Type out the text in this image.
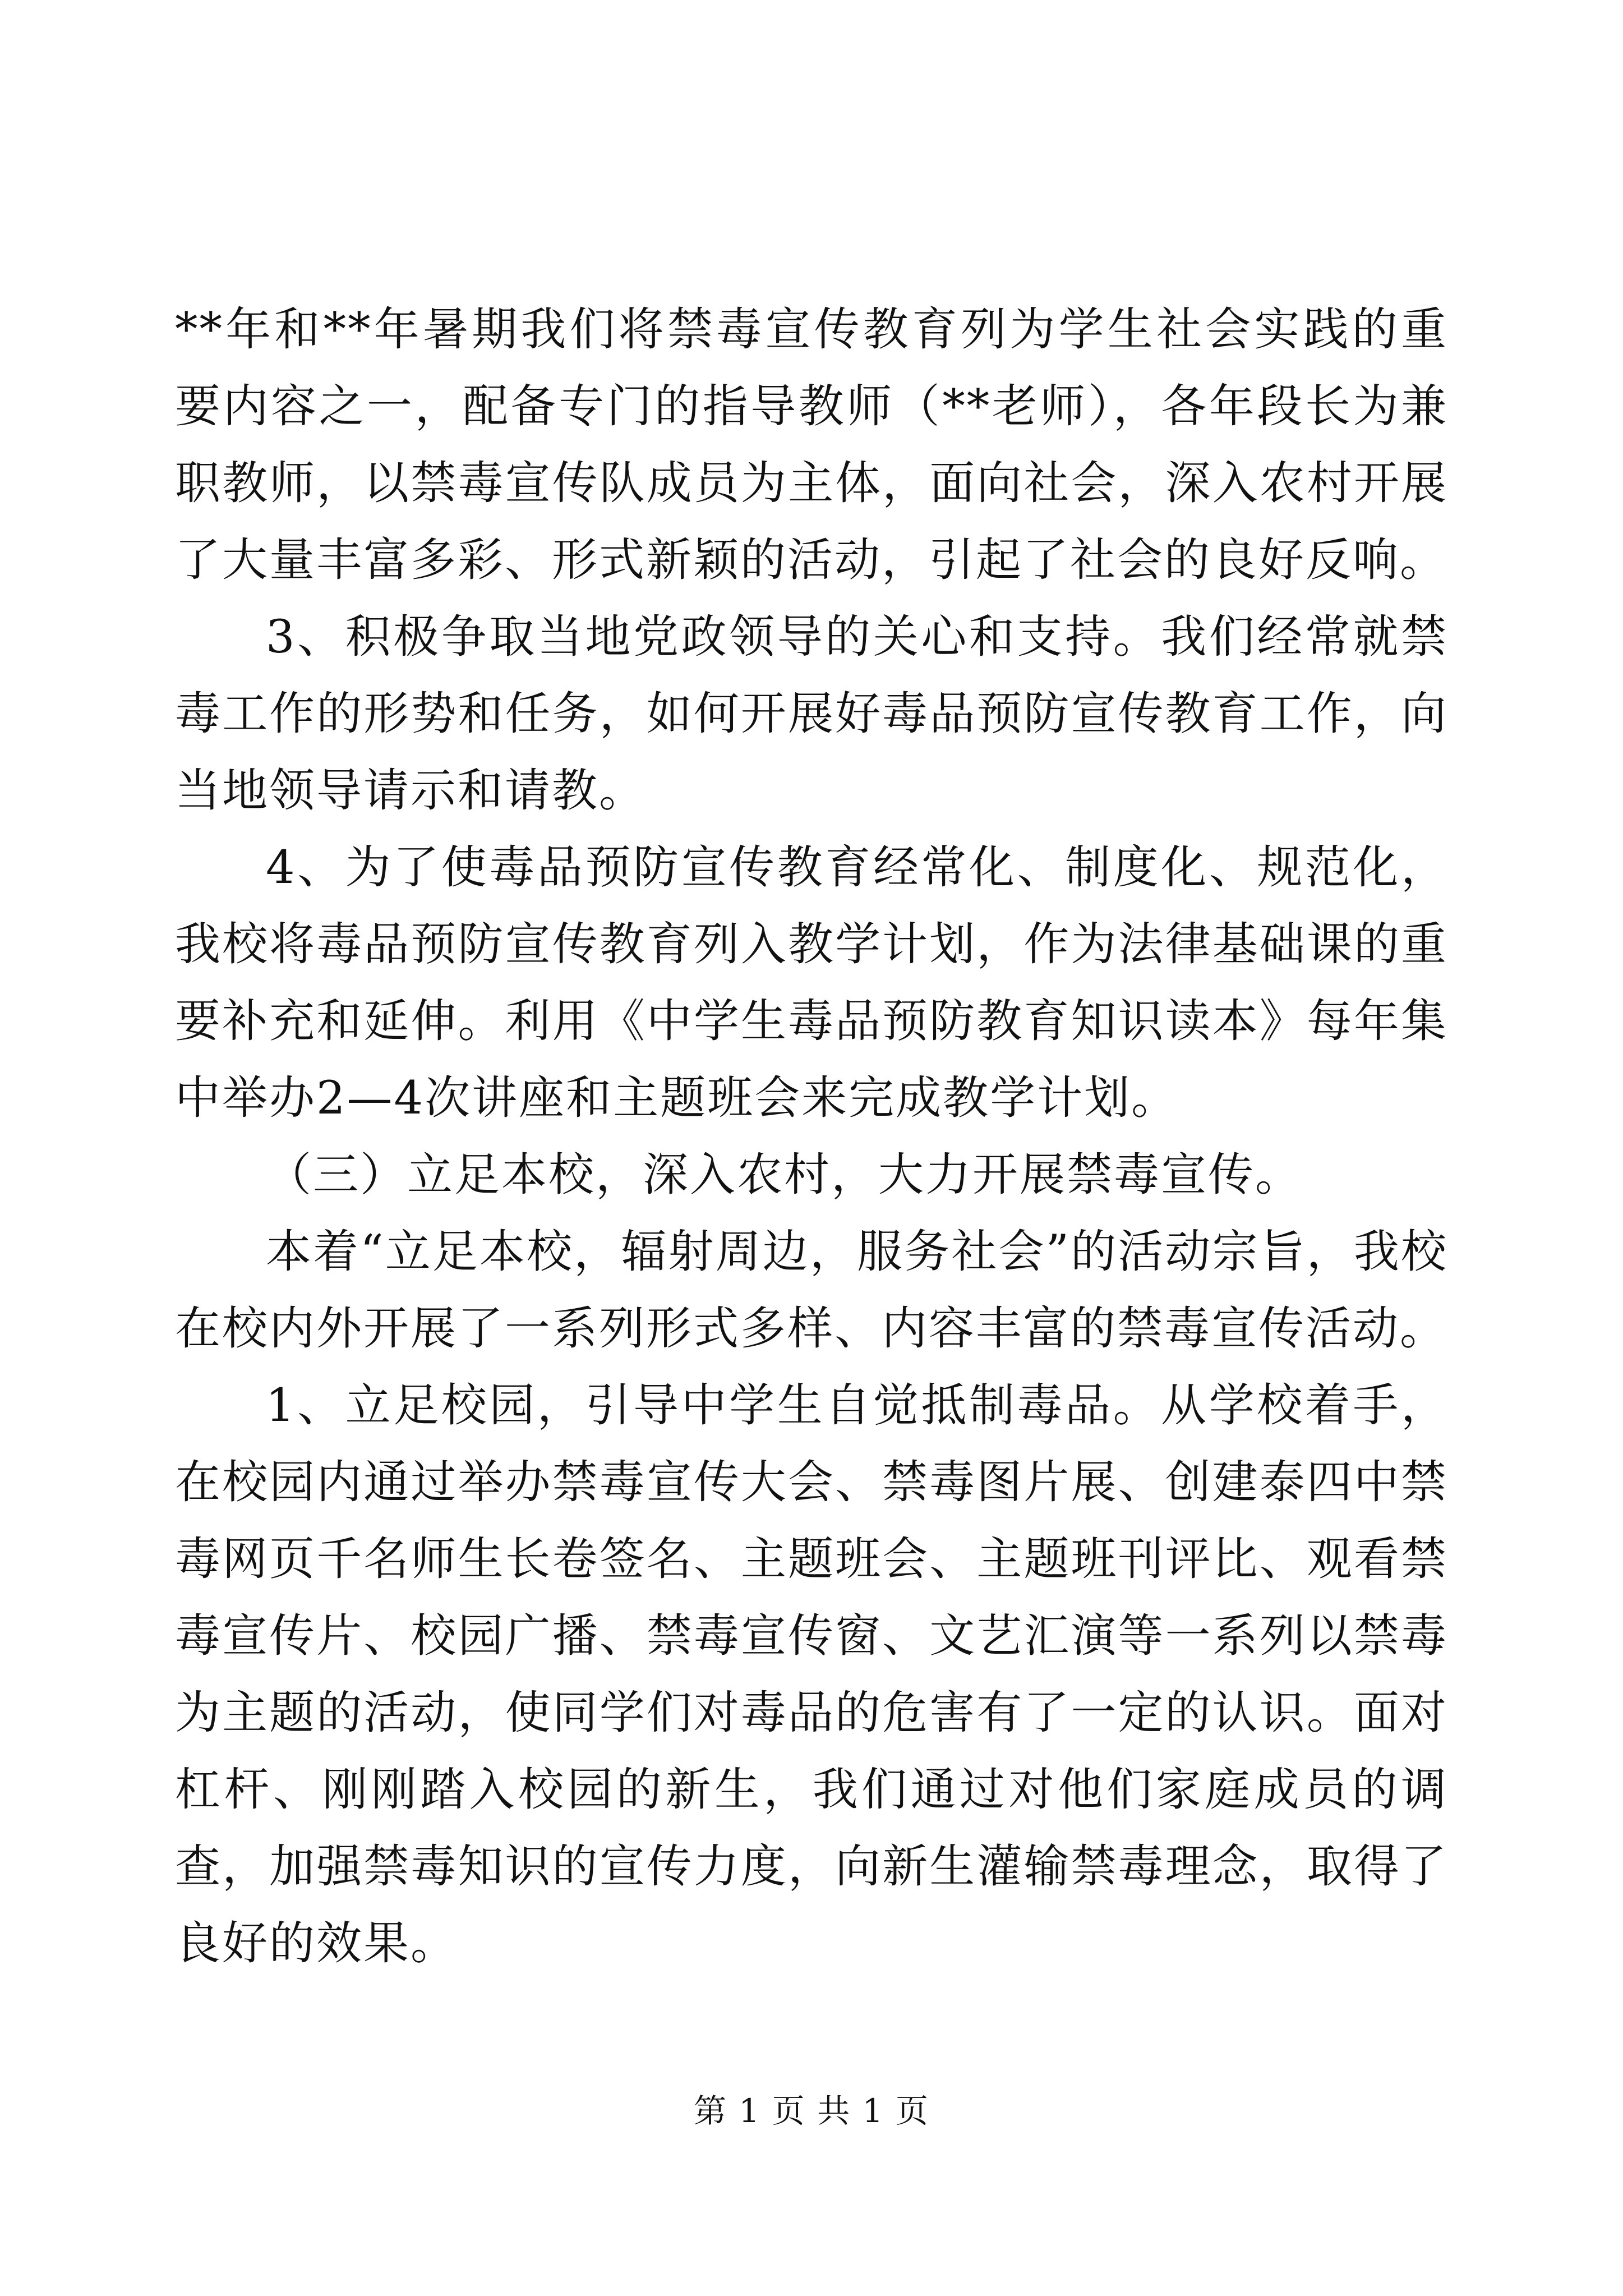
**年和**年暑期我们将禁毒宣传教育列为学生社会实践的重要内容之一，配备专门的指导教师（**老师），各年段长为兼职教师，以禁毒宣传队成员为主体，面向社会，深入农村开展了大量丰富多彩、形式新颖的活动，引起了社会的良好反响。

3、积极争取当地党政领导的关心和支持。我们经常就禁毒工作的形势和任务，如何开展好毒品预防宣传教育工作，向当地领导请示和请教。

4、为了使毒品预防宣传教育经常化、制度化、规范化，我校将毒品预防宣传教育列入教学计划，作为法律基础课的重要补充和延伸。利用《中学生毒品预防教育知识读本》每年集中举办2—4次讲座和主题班会来完成教学计划。

（三）立足本校，深入农村，大力开展禁毒宣传。

本着“立足本校，辐射周边，服务社会”的活动宗旨，我校在校内外开展了一系列形式多样、内容丰富的禁毒宣传活动。

1、立足校园，引导中学生自觉抵制毒品。从学校着手，在校园内通过举办禁毒宣传大会、禁毒图片展、创建泰四中禁毒网页千名师生长卷签名、主题班会、主题班刊评比、观看禁毒宣传片、校园广播、禁毒宣传窗、文艺汇演等一系列以禁毒为主题的活动，使同学们对毒品的危害有了一定的认识。面对杠杆、刚刚踏入校园的新生，我们通过对他们家庭成员的调查，加强禁毒知识的宣传力度，向新生灌输禁毒理念，取得了良好的效果。

第 1 页 共 1 页
